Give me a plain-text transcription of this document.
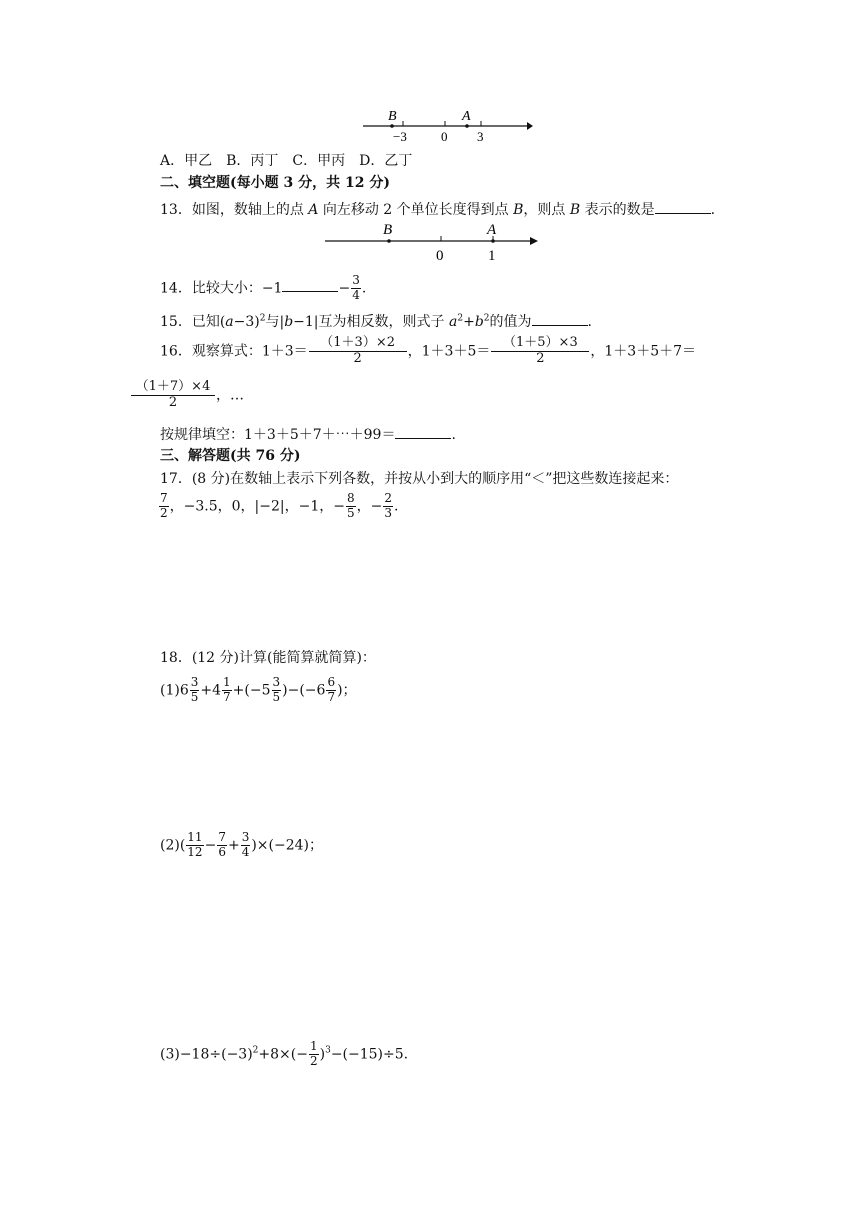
B	A
−3	0 3
A．甲乙　B．丙丁　C．甲丙　D．乙丁
二、填空题(每小题 3 分，共 12 分)
13．如图，数轴上的点 A 向左移动 2 个单位长度得到点 B，则点 B 表示的数是	.
B	A
0	1
14．比较大小：−1	− $\frac{3}{4}$ .
15．已知$(a-3)^2$与|b−1|互为相反数，则式子 $a^2+b^2$的值为	.
16．观察算式：$1+3= \frac{(1+3)\times 2}{2}$ ，$1+3+5= \frac{(1+5)\times 3}{2}$ ，1＋3＋5＋7＝
$\frac{(1+7)\times 4}{2}$ ，…
按规律填空：1＋3＋5＋7＋⋯＋99＝	.
三、解答题(共 76 分)
17．(8 分)在数轴上表示下列各数，并按从小到大的顺序用“＜”把这些数连接起来：
$\frac{7}{2}$ ，−3.5，0，|−2|，−1，− $\frac{8}{5}$ ，− $\frac{2}{3}$ .
18．(12 分)计算(能简算就简算)：
$(1)6 \frac{3}{5} +4 \frac{1}{7} +(-5 \frac{3}{5} )-(-6 \frac{6}{7}$ )；
$(2)( \frac{11}{12} - \frac{7}{6} + \frac{3}{4} )\times(-24)$；
$(3)-18\div(-3)^2+8\times(- \frac{1}{2} )^3-(-15)\div 5$.
